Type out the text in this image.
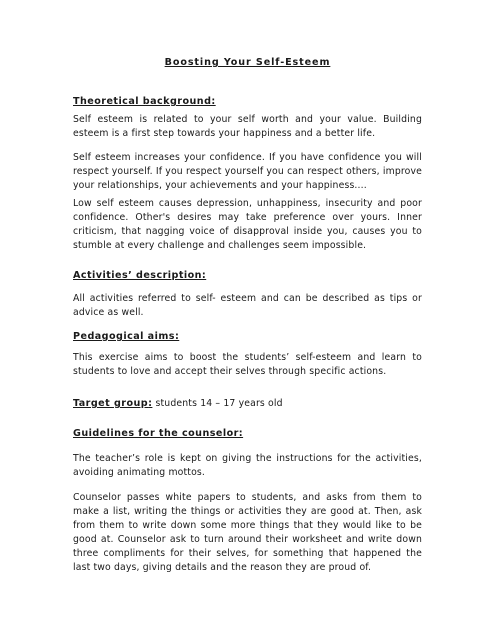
Boosting Your Self-Esteem
Theoretical background:
Self esteem is related to your self worth and your value. Building esteem is a first step towards your happiness and a better life.
Self esteem increases your confidence. If you have confidence you will respect yourself. If you respect yourself you can respect others, improve your relationships, your achievements and your happiness....
Low self esteem causes depression, unhappiness, insecurity and poor confidence. Other's desires may take preference over yours. Inner criticism, that nagging voice of disapproval inside you, causes you to stumble at every challenge and challenges seem impossible.
Activities’ description:
All activities referred to self- esteem and can be described as tips or advice as well.
Pedagogical aims:
This exercise aims to boost the students’ self-esteem and learn to students to love and accept their selves through specific actions.
Target group: students 14 – 17 years old
Guidelines for the counselor:
The teacher’s role is kept on giving the instructions for the activities, avoiding animating mottos.
Counselor passes white papers to students, and asks from them to make a list, writing the things or activities they are good at. Then, ask from them to write down some more things that they would like to be good at. Counselor ask to turn around their worksheet and write down three compliments for their selves, for something that happened the last two days, giving details and the reason they are proud of.
